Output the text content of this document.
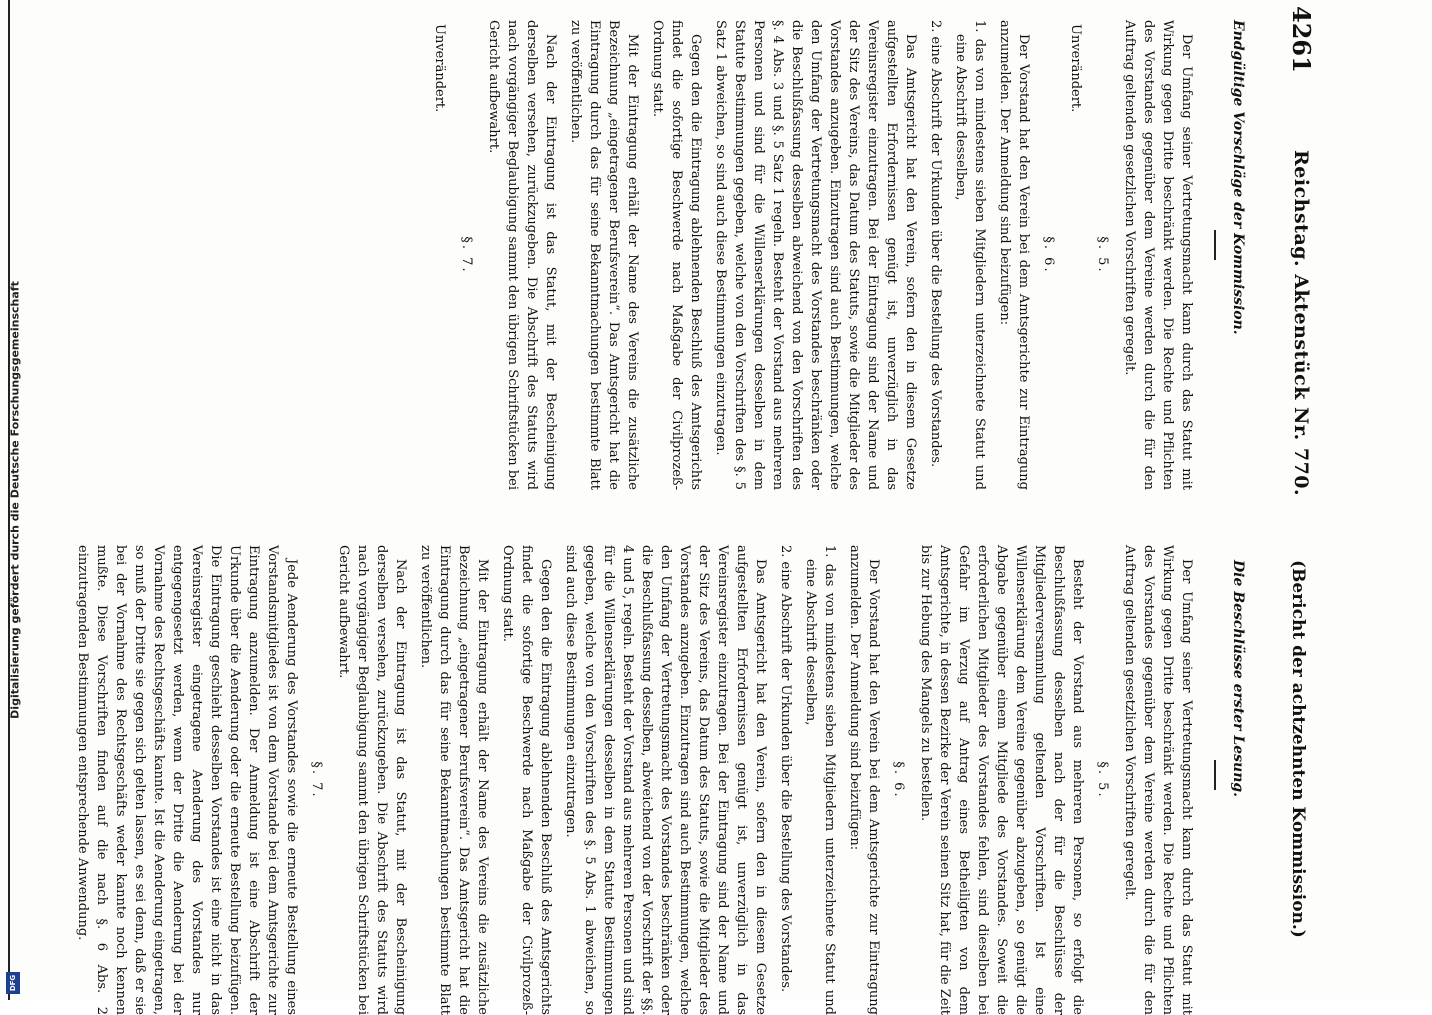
Digitalisierung gefördert durch die Deutsche Forschungsgemeinschaft
DFG
4261
Reichstag. Aktenstück Nr. 770.
(Bericht der achtzehnten Kommission.)
Endgültige Vorschläge der Kommission.
Die Beschlüsse erster Lesung.

Der Umfang seiner Vertretungsmacht kann durch das Statut mit Wirkung gegen Dritte beschränkt werden. Die Rechte und Pflichten des Vorstandes gegenüber dem Vereine werden durch die für den Auftrag geltenden gesetzlichen Vorschriften geregelt.

§. 5.

Unverändert.

§. 6.

Der Vorstand hat den Verein bei dem Amtsgerichte zur Eintragung anzumelden. Der Anmeldung sind beizufügen:

1. das von mindestens sieben Mitgliedern unterzeichnete Statut und eine Abschrift desselben,

2. eine Abschrift der Urkunden über die Bestellung des Vorstandes.

Das Amtsgericht hat den Verein, sofern den in diesem Gesetze aufgestellten Erfordernissen genügt ist, unverzüglich in das Vereinsregister einzutragen. Bei der Eintragung sind der Name und der Sitz des Vereins, das Datum des Statuts, sowie die Mitglieder des Vorstandes anzugeben. Einzutragen sind auch Bestimmungen, welche den Umfang der Vertretungsmacht des Vorstandes beschränken oder die Beschlußfassung desselben abweichend von den Vorschriften des §. 4 Abs. 3 und §. 5 Satz 1 regeln. Besteht der Vorstand aus mehreren Personen und sind für die Willenserklärungen desselben in dem Statute Bestimmungen gegeben, welche von den Vorschriften des §. 5 Satz 1 abweichen, so sind auch diese Bestimmungen einzutragen.

Gegen den die Eintragung ablehnenden Beschluß des Amtsgerichts findet die sofortige Beschwerde nach Maßgabe der Civilprozeß-Ordnung statt.

Mit der Eintragung erhält der Name des Vereins die zusätzliche Bezeichnung „eingetragener Berufsverein“. Das Amtsgericht hat die Eintragung durch das für seine Bekanntmachungen bestimmte Blatt zu veröffentlichen.

Nach der Eintragung ist das Statut, mit der Bescheinigung derselben versehen, zurückzugeben. Die Abschrift des Statuts wird nach vorgängiger Beglaubigung sammt den übrigen Schriftstücken bei Gericht aufbewahrt.

§. 7.

Unverändert.

Der Umfang seiner Vertretungsmacht kann durch das Statut mit Wirkung gegen Dritte beschränkt werden. Die Rechte und Pflichten des Vorstandes gegenüber dem Vereine werden durch die für den Auftrag geltenden gesetzlichen Vorschriften geregelt.

§. 5.

Besteht der Vorstand aus mehreren Personen, so erfolgt die Beschlußfassung desselben nach der für die Beschlüsse der Mitgliederversammlung geltenden Vorschriften. Ist eine Willenserklärung dem Vereine gegenüber abzugeben, so genügt die Abgabe gegenüber einem Mitgliede des Vorstandes. Soweit die erforderlichen Mitglieder des Vorstandes fehlen, sind dieselben bei Gefahr im Verzug auf Antrag eines Betheiligten von dem Amtsgerichte, in dessen Bezirke der Verein seinen Sitz hat, für die Zeit bis zur Hebung des Mangels zu bestellen.

§. 6.

Der Vorstand hat den Verein bei dem Amtsgerichte zur Eintragung anzumelden. Der Anmeldung sind beizufügen:

1. das von mindestens sieben Mitgliedern unterzeichnete Statut und eine Abschrift desselben,

2. eine Abschrift der Urkunden über die Bestellung des Vorstandes.

Das Amtsgericht hat den Verein, sofern den in diesem Gesetze aufgestellten Erfordernissen genügt ist, unverzüglich in das Vereinsregister einzutragen. Bei der Eintragung sind der Name und der Sitz des Vereins, das Datum des Statuts, sowie die Mitglieder des Vorstandes anzugeben. Einzutragen sind auch Bestimmungen, welche den Umfang der Vertretungsmacht des Vorstandes beschränken oder die Beschlußfassung desselben, abweichend von der Vorschrift der §§. 4 und 5, regeln. Besteht der Vorstand aus mehreren Personen und sind für die Willenserklärungen desselben in dem Statute Bestimmungen gegeben, welche von den Vorschriften des §. 5 Abs. 1 abweichen, so sind auch diese Bestimmungen einzutragen.

Gegen den die Eintragung ablehnenden Beschluß des Amtsgerichts findet die sofortige Beschwerde nach Maßgabe der Civilprozeß-Ordnung statt.

Mit der Eintragung erhält der Name des Vereins die zusätzliche Bezeichnung „eingetragener Berufsverein“. Das Amtsgericht hat die Eintragung durch das für seine Bekanntmachungen bestimmte Blatt zu veröffentlichen.

Nach der Eintragung ist das Statut, mit der Bescheinigung derselben versehen, zurückzugeben. Die Abschrift des Statuts wird nach vorgängiger Beglaubigung sammt den übrigen Schriftstücken bei Gericht aufbewahrt.

§. 7.

Jede Aenderung des Vorstandes sowie die erneute Bestellung eines Vorstandsmitgliedes ist von dem Vorstande bei dem Amtsgerichte zur Eintragung anzumelden. Der Anmeldung ist eine Abschrift der Urkunde über die Aenderung oder die erneute Bestellung beizufügen. Die Eintragung geschieht desselben Vorstandes ist eine nicht in das Vereinsregister eingetragene Aenderung des Vorstandes nur entgegengesetzt werden, wenn der Dritte die Aenderung bei der Vornahme des Rechtsgeschäfts kannte. Ist die Aenderung eingetragen, so muß der Dritte sie gegen sich gelten lassen, es sei denn, daß er sie bei der Vornahme des Rechtsgeschäfts weder kannte noch kennen mußte. Diese Vorschriften finden auf die nach §. 6 Abs. 2 einzutragenden Bestimmungen entsprechende Anwendung.
